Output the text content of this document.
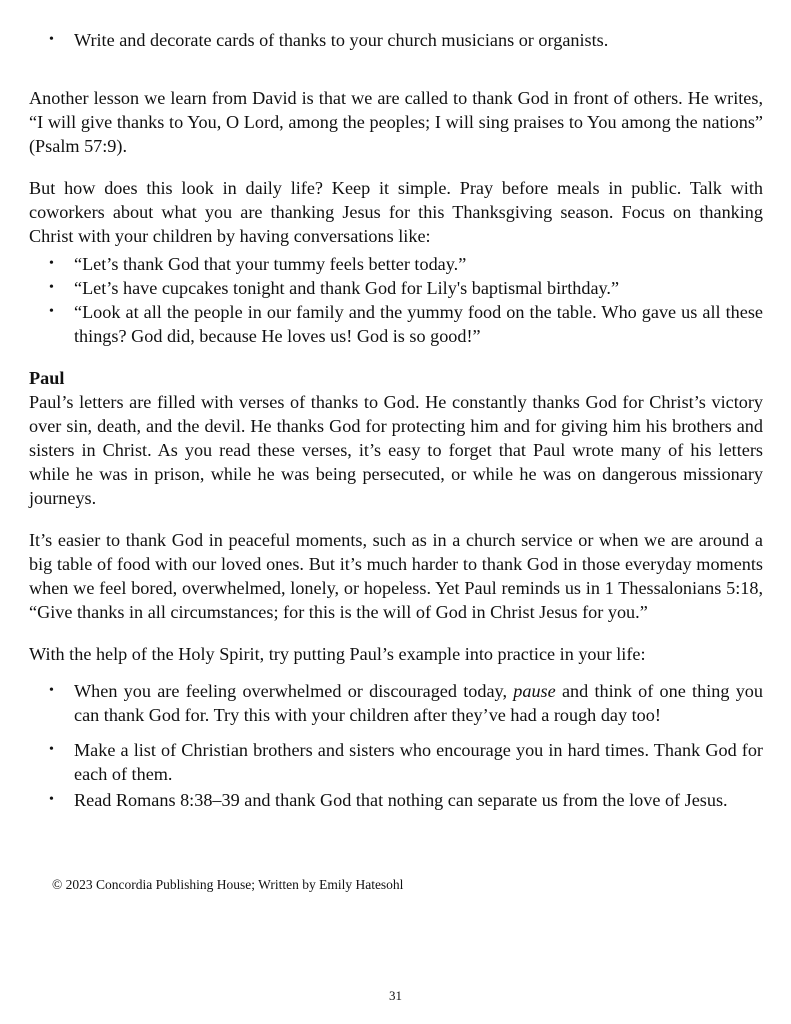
• Write and decorate cards of thanks to your church musicians or organists.

Another lesson we learn from David is that we are called to thank God in front of others. He writes, “I will give thanks to You, O Lord, among the peoples; I will sing praises to You among the nations” (Psalm 57:9).

But how does this look in daily life? Keep it simple. Pray before meals in public. Talk with coworkers about what you are thanking Jesus for this Thanksgiving season. Focus on thanking Christ with your children by having conversations like:

• “Let’s thank God that your tummy feels better today.”
• “Let’s have cupcakes tonight and thank God for Lily's baptismal birthday.”
• “Look at all the people in our family and the yummy food on the table. Who gave us all these things? God did, because He loves us! God is so good!”
Paul

Paul’s letters are filled with verses of thanks to God. He constantly thanks God for Christ’s victory over sin, death, and the devil. He thanks God for protecting him and for giving him his brothers and sisters in Christ. As you read these verses, it’s easy to forget that Paul wrote many of his letters while he was in prison, while he was being persecuted, or while he was on dangerous missionary journeys.

It’s easier to thank God in peaceful moments, such as in a church service or when we are around a big table of food with our loved ones. But it’s much harder to thank God in those everyday moments when we feel bored, overwhelmed, lonely, or hopeless. Yet Paul reminds us in 1 Thessalonians 5:18, “Give thanks in all circumstances; for this is the will of God in Christ Jesus for you.”

With the help of the Holy Spirit, try putting Paul’s example into practice in your life:

• When you are feeling overwhelmed or discouraged today, pause and think of one thing you can thank God for. Try this with your children after they’ve had a rough day too!
• Make a list of Christian brothers and sisters who encourage you in hard times. Thank God for each of them.
• Read Romans 8:38–39 and thank God that nothing can separate us from the love of Jesus.
© 2023 Concordia Publishing House; Written by Emily Hatesohl
31
